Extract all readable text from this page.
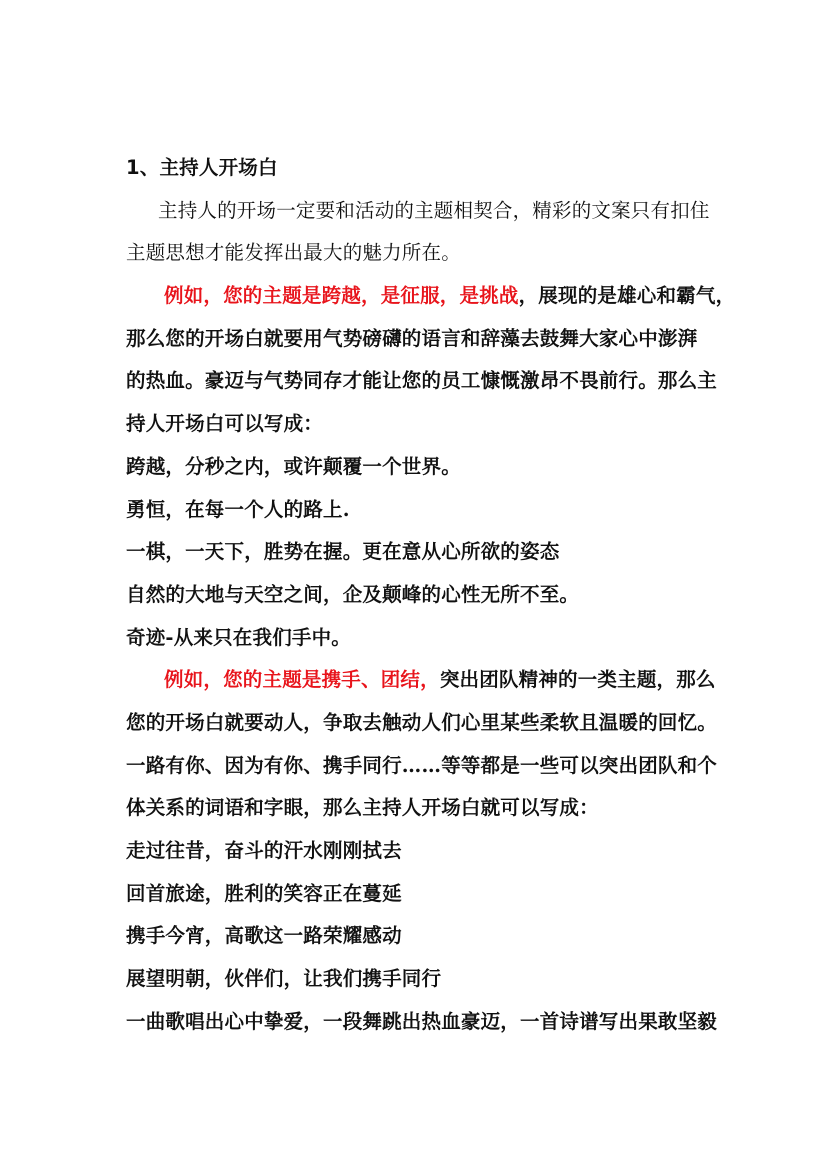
1、主持人开场白
主持人的开场一定要和活动的主题相契合，精彩的文案只有扣住
主题思想才能发挥出最大的魅力所在。
例如，您的主题是跨越，是征服，是挑战，展现的是雄心和霸气，
那么您的开场白就要用气势磅礴的语言和辞藻去鼓舞大家心中澎湃
的热血。豪迈与气势同存才能让您的员工慷慨激昂不畏前行。那么主
持人开场白可以写成：
跨越，分秒之内，或许颠覆一个世界。
勇恒，在每一个人的路上.
一棋，一天下，胜势在握。更在意从心所欲的姿态
自然的大地与天空之间，企及颠峰的心性无所不至。
奇迹-从来只在我们手中。
例如，您的主题是携手、团结，突出团队精神的一类主题，那么
您的开场白就要动人，争取去触动人们心里某些柔软且温暖的回忆。
一路有你、因为有你、携手同行……等等都是一些可以突出团队和个
体关系的词语和字眼，那么主持人开场白就可以写成：
走过往昔，奋斗的汗水刚刚拭去
回首旅途，胜利的笑容正在蔓延
携手今宵，高歌这一路荣耀感动
展望明朝，伙伴们，让我们携手同行
一曲歌唱出心中挚爱，一段舞跳出热血豪迈，一首诗谱写出果敢坚毅
